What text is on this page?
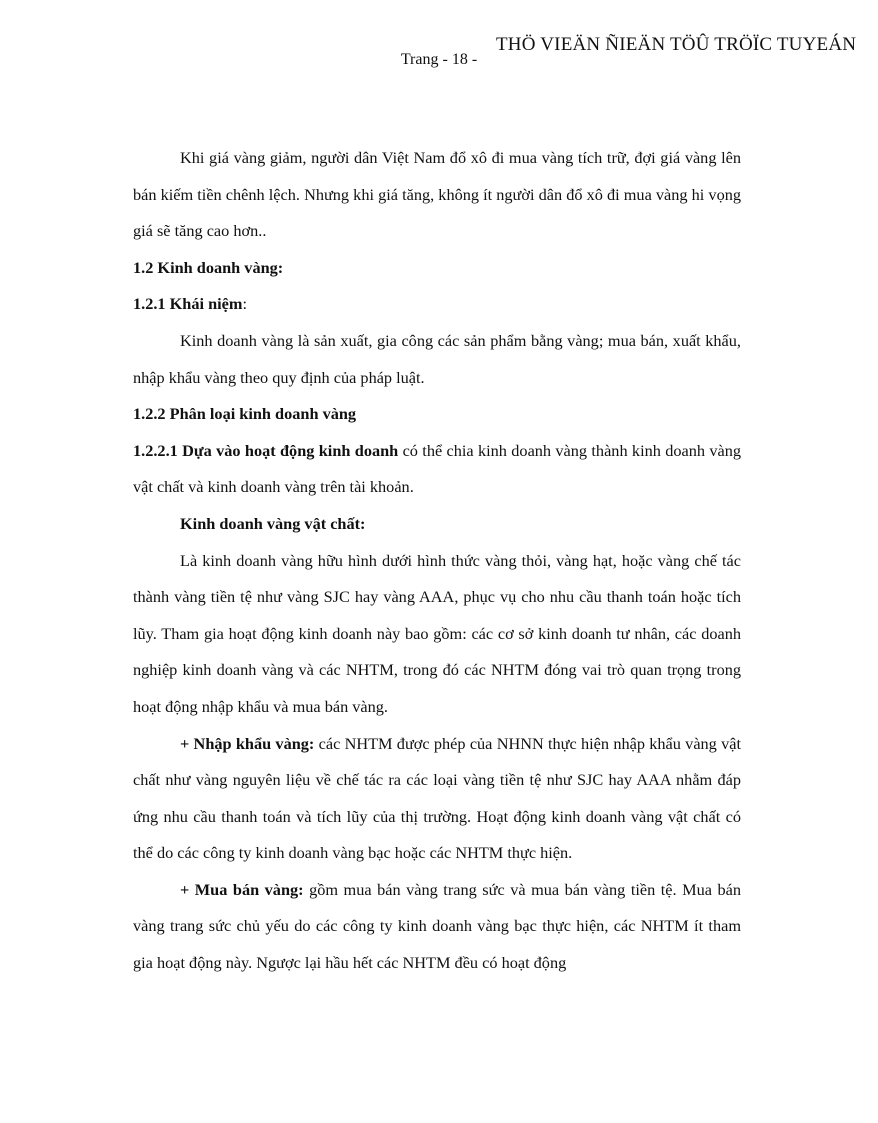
THÖ VIEÄN ÑIEÄN TÖÛ TRÖÏC TUYEÁN
Trang - 18 -

Khi giá vàng giảm, người dân Việt Nam đổ xô đi mua vàng tích trữ, đợi giá vàng lên bán kiếm tiền chênh lệch. Nhưng khi giá tăng, không ít người dân đổ xô đi mua vàng hi vọng giá sẽ tăng cao hơn..

1.2 Kinh doanh vàng:

1.2.1 Khái niệm:

Kinh doanh vàng là sản xuất, gia công các sản phẩm bằng vàng; mua bán, xuất khẩu, nhập khẩu vàng theo quy định của pháp luật.

1.2.2 Phân loại kinh doanh vàng

1.2.2.1 Dựa vào hoạt động kinh doanh có thể chia kinh doanh vàng thành kinh doanh vàng vật chất và kinh doanh vàng trên tài khoản.

Kinh doanh vàng vật chất:

Là kinh doanh vàng hữu hình dưới hình thức vàng thỏi, vàng hạt, hoặc vàng chế tác thành vàng tiền tệ như vàng SJC hay vàng AAA, phục vụ cho nhu cầu thanh toán hoặc tích lũy. Tham gia hoạt động kinh doanh này bao gồm: các cơ sở kinh doanh tư nhân, các doanh nghiệp kinh doanh vàng và các NHTM, trong đó các NHTM đóng vai trò quan trọng trong hoạt động nhập khẩu và mua bán vàng.

+ Nhập khẩu vàng: các NHTM được phép của NHNN thực hiện nhập khẩu vàng vật chất như vàng nguyên liệu về chế tác ra các loại vàng tiền tệ như SJC hay AAA nhằm đáp ứng nhu cầu thanh toán và tích lũy của thị trường. Hoạt động kinh doanh vàng vật chất có thể do các công ty kinh doanh vàng bạc hoặc các NHTM thực hiện.

+ Mua bán vàng: gồm mua bán vàng trang sức và mua bán vàng tiền tệ. Mua bán vàng trang sức chủ yếu do các công ty kinh doanh vàng bạc thực hiện, các NHTM ít tham gia hoạt động này. Ngược lại hầu hết các NHTM đều có hoạt động
